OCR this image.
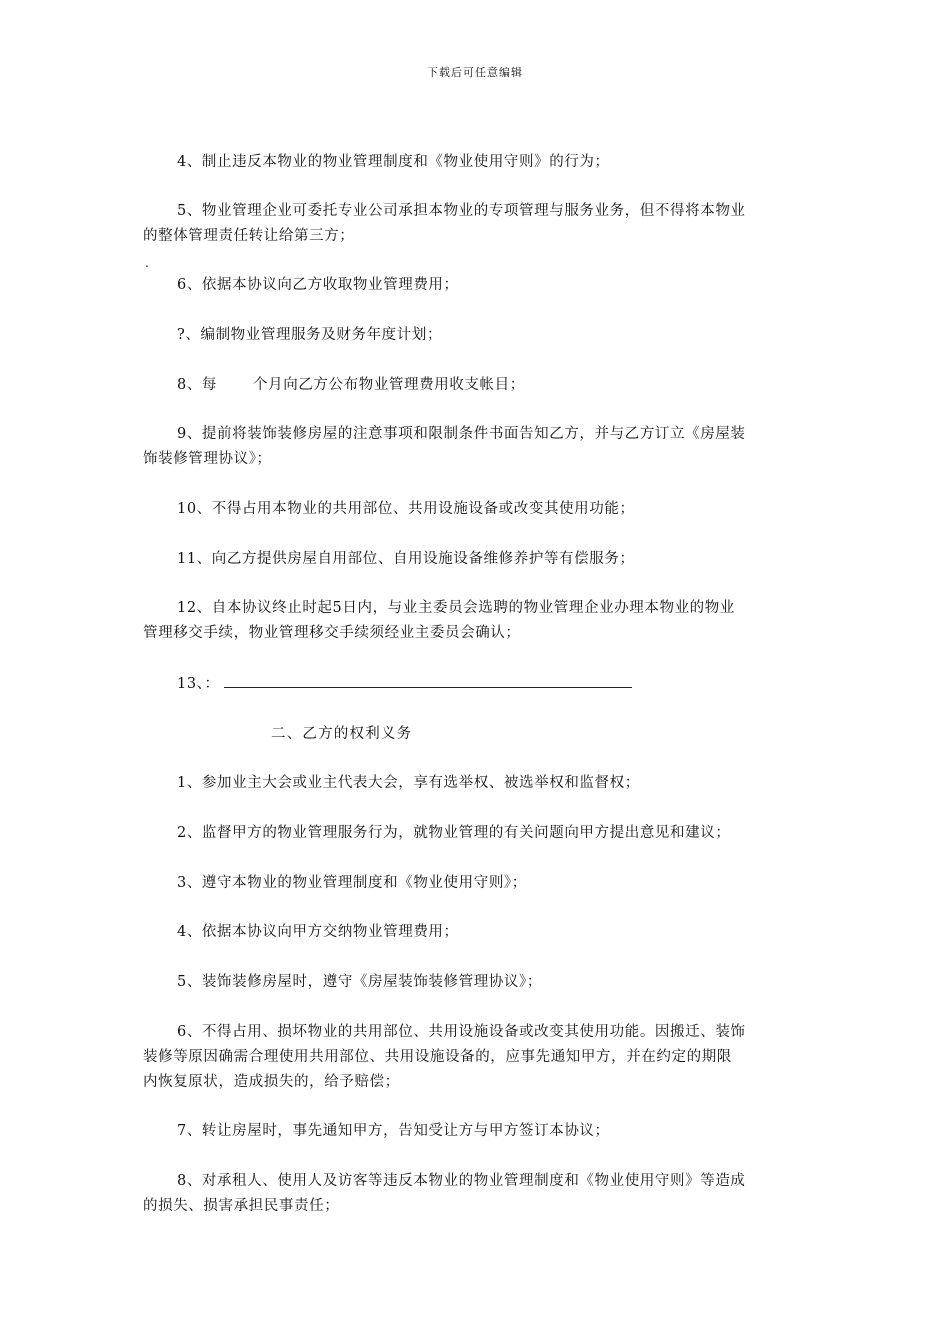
下载后可任意编辑
4、制止违反本物业的物业管理制度和《物业使用守则》的行为；
5、物业管理企业可委托专业公司承担本物业的专项管理与服务业务，但不得将本物业
的整体管理责任转让给第三方；
.
6、依据本协议向乙方收取物业管理费用；
?、编制物业管理服务及财务年度计划；
8、每 个月向乙方公布物业管理费用收支帐目；
9、提前将装饰装修房屋的注意事项和限制条件书面告知乙方，并与乙方订立《房屋装
饰装修管理协议》；
10、不得占用本物业的共用部位、共用设施设备或改变其使用功能；
11、向乙方提供房屋自用部位、自用设施设备维修养护等有偿服务；
12、自本协议终止时起5日内，与业主委员会选聘的物业管理企业办理本物业的物业
管理移交手续，物业管理移交手续须经业主委员会确认；
13、：
二、乙方的权利义务
1、参加业主大会或业主代表大会，享有选举权、被选举权和监督权；
2、监督甲方的物业管理服务行为，就物业管理的有关问题向甲方提出意见和建议；
3、遵守本物业的物业管理制度和《物业使用守则》；
4、依据本协议向甲方交纳物业管理费用；
5、装饰装修房屋时，遵守《房屋装饰装修管理协议》；
6、不得占用、损坏物业的共用部位、共用设施设备或改变其使用功能。因搬迁、装饰
装修等原因确需合理使用共用部位、共用设施设备的，应事先通知甲方，并在约定的期限
内恢复原状，造成损失的，给予赔偿；
7、转让房屋时，事先通知甲方，告知受让方与甲方签订本协议；
8、对承租人、使用人及访客等违反本物业的物业管理制度和《物业使用守则》等造成
的损失、损害承担民事责任；
